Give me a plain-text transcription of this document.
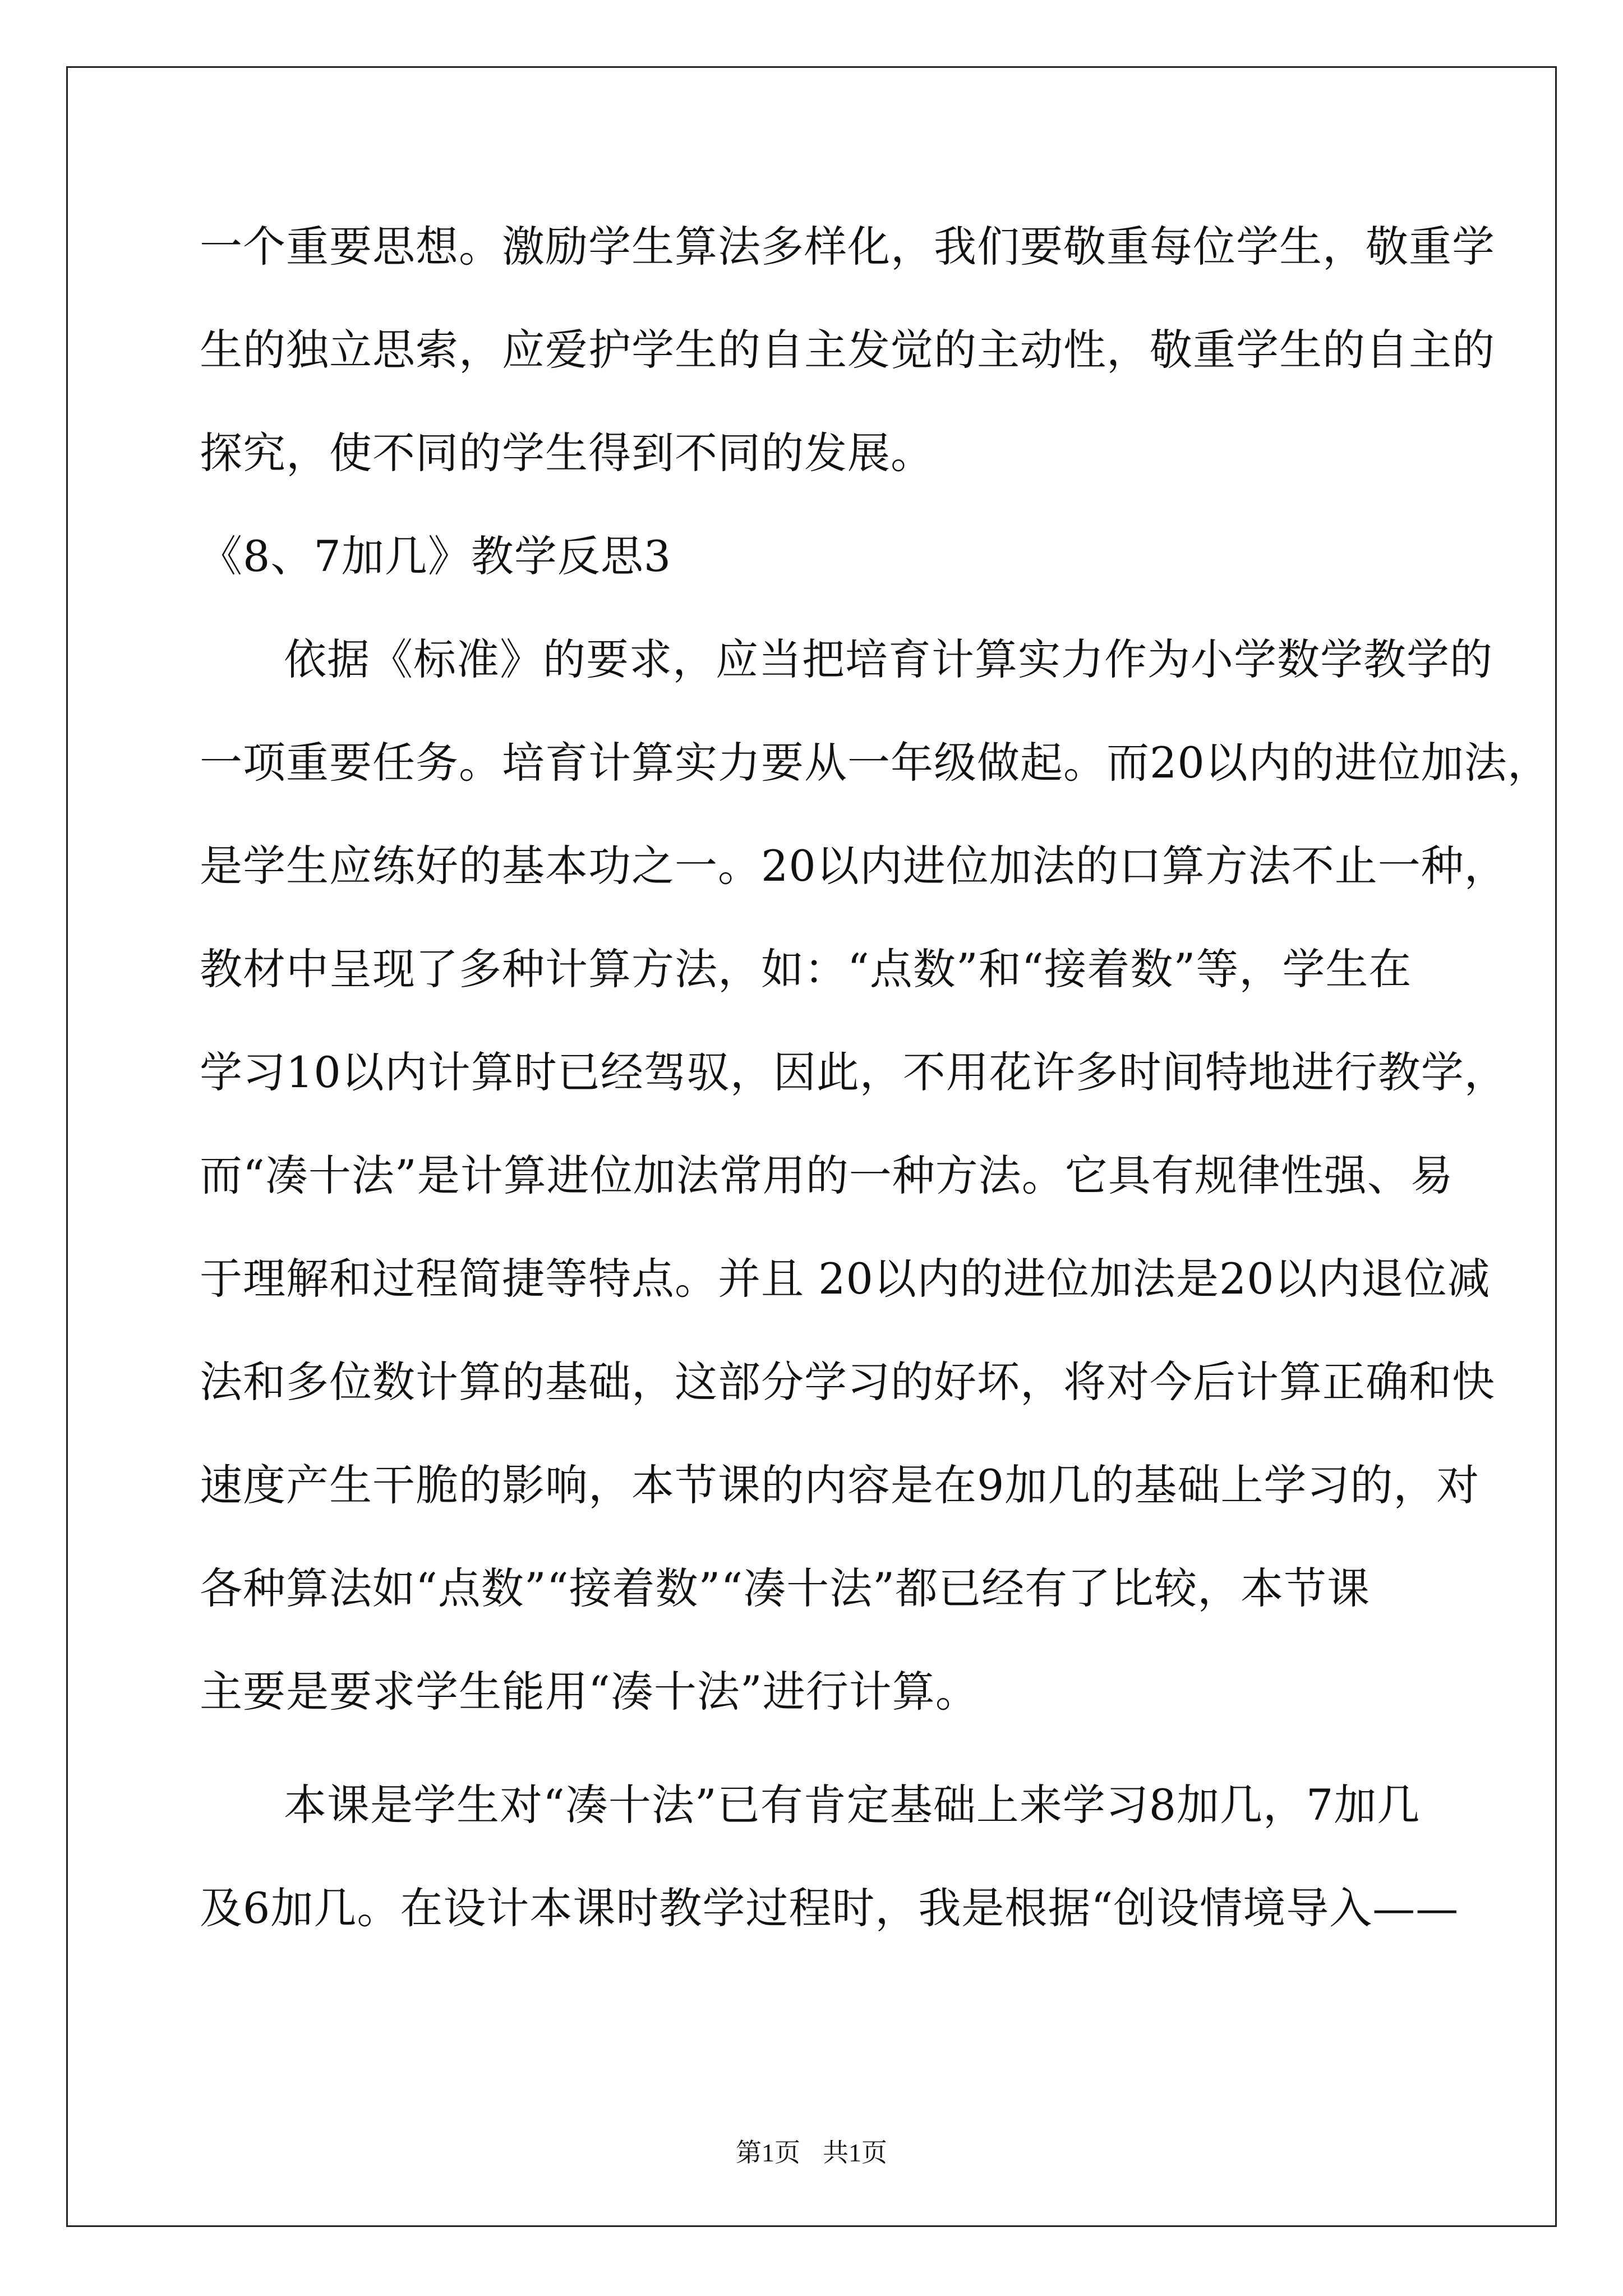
一个重要思想。激励学生算法多样化，我们要敬重每位学生，敬重学
生的独立思索，应爱护学生的自主发觉的主动性，敬重学生的自主的
探究，使不同的学生得到不同的发展。
《8、7加几》教学反思3
依据《标准》的要求，应当把培育计算实力作为小学数学教学的
一项重要任务。培育计算实力要从一年级做起。而20以内的进位加法，
是学生应练好的基本功之一。20以内进位加法的口算方法不止一种，
教材中呈现了多种计算方法，如：“点数”和“接着数”等，学生在
学习10以内计算时已经驾驭，因此，不用花许多时间特地进行教学，
而“凑十法”是计算进位加法常用的一种方法。它具有规律性强、易
于理解和过程简捷等特点。并且 20以内的进位加法是20以内退位减
法和多位数计算的基础，这部分学习的好坏，将对今后计算正确和快
速度产生干脆的影响，本节课的内容是在9加几的基础上学习的，对
各种算法如“点数”“接着数”“凑十法”都已经有了比较，本节课
主要是要求学生能用“凑十法”进行计算。
本课是学生对“凑十法”已有肯定基础上来学习8加几，7加几
及6加几。在设计本课时教学过程时，我是根据“创设情境导入——
第1页 共1页
